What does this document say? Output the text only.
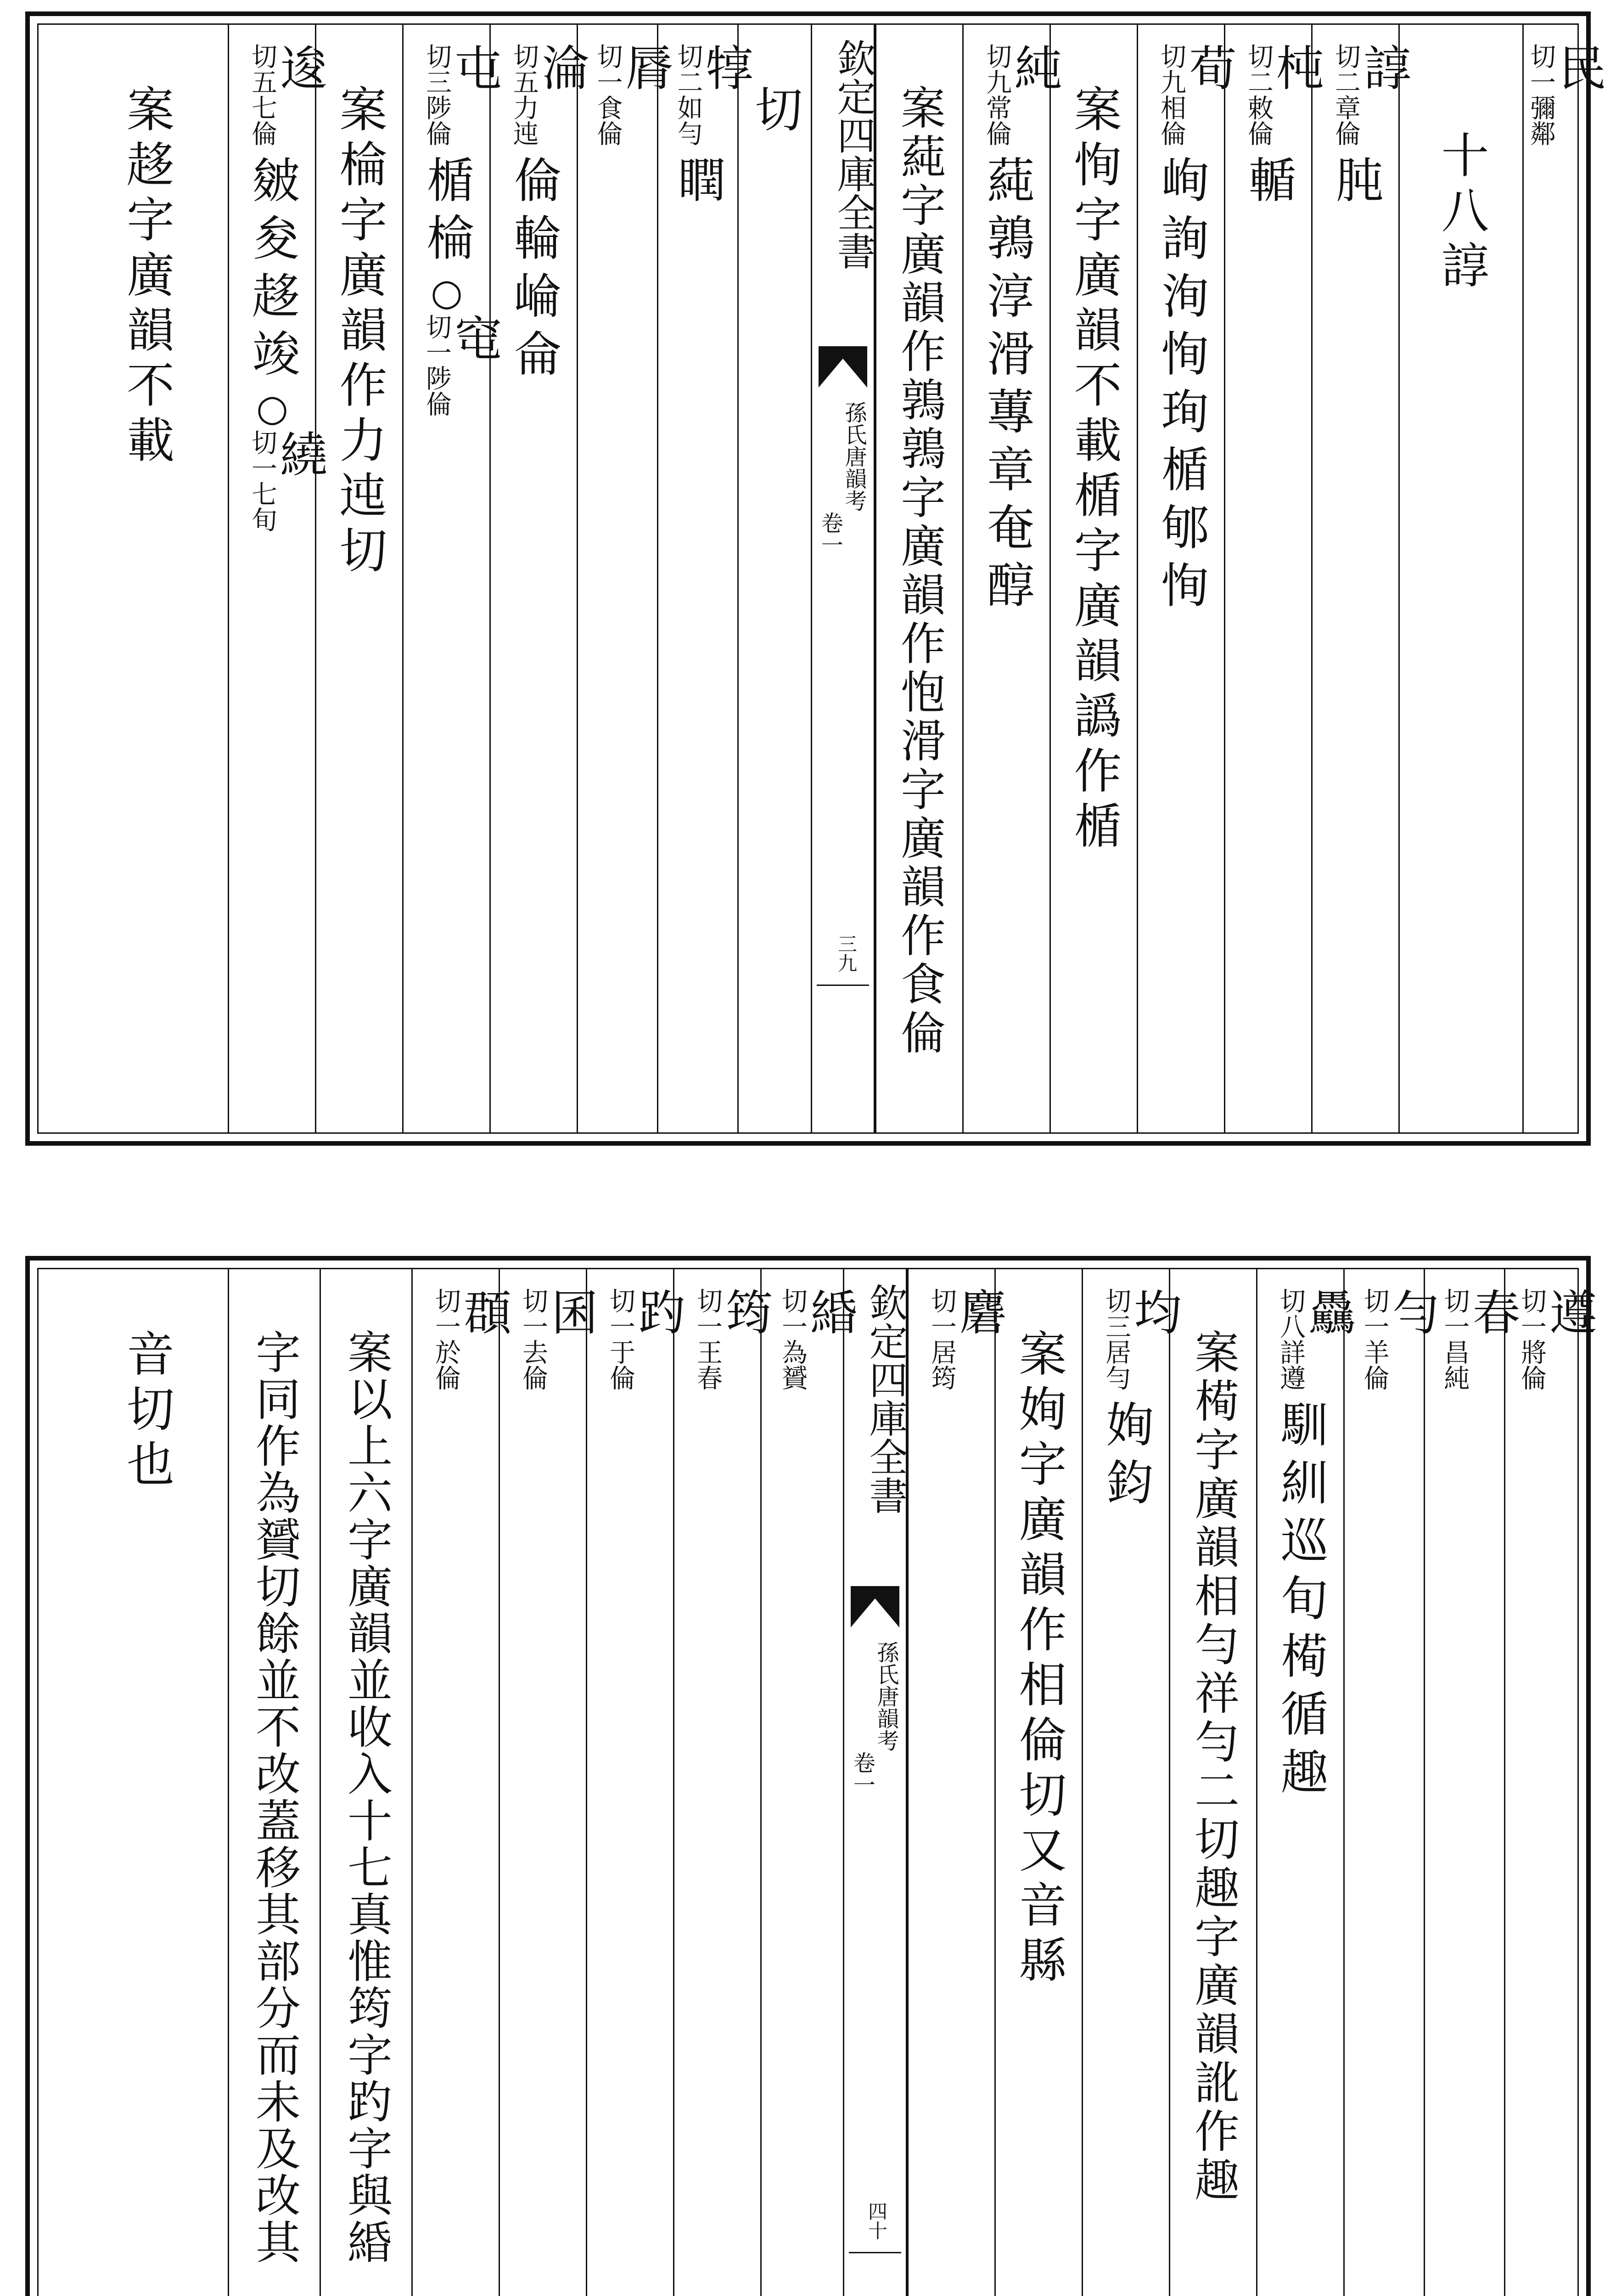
民
彌鄰
切一
十八諄
諄
章倫
切二
肫
杶
敕倫
切二
輴
荀
相倫
切九
峋詢洵恂珣楯郇恂
案恂字廣韻不載楯字廣韻譌作楯
純
常倫
切九
蒓鶉淳滑蓴章奄醇
案蒓字廣韻作鶉鶉字廣韻作怉滑字廣韻作食倫
欽定四庫全書
孫氏唐韻考
卷一
三九
切
犉
如勻
切二
瞤
脣
食倫
切一
淪
力迍
切五
倫輪崘侖
屯
陟倫
切三
楯棆
○
窀
陟倫
切一
案棆字廣韻作力迍切
逡
七倫
切五
皴夋趍竣
○
繞
七旬
切一
案趍字廣韻不載
遵
將倫
切一
春
昌純
切一
勻
羊倫
切一
驫
詳遵
切八
馴紃巡旬槆循趣
案槆字廣韻相勻祥勻二切趣字廣韻訛作趣
均
居勻
切三
姰鈞
案姰字廣韻作相倫切又音縣
麏
居筠
切一
欽定四庫全書
孫氏唐韻考
卷一
四十
緍
為贇
切一
筠
王春
切一
趵
于倫
切一
囷
去倫
切一
頵
於倫
切一
案以上六字廣韻並收入十七真惟筠字趵字與緍
字同作為贇切餘並不改蓋移其部分而未及改其
音切也
